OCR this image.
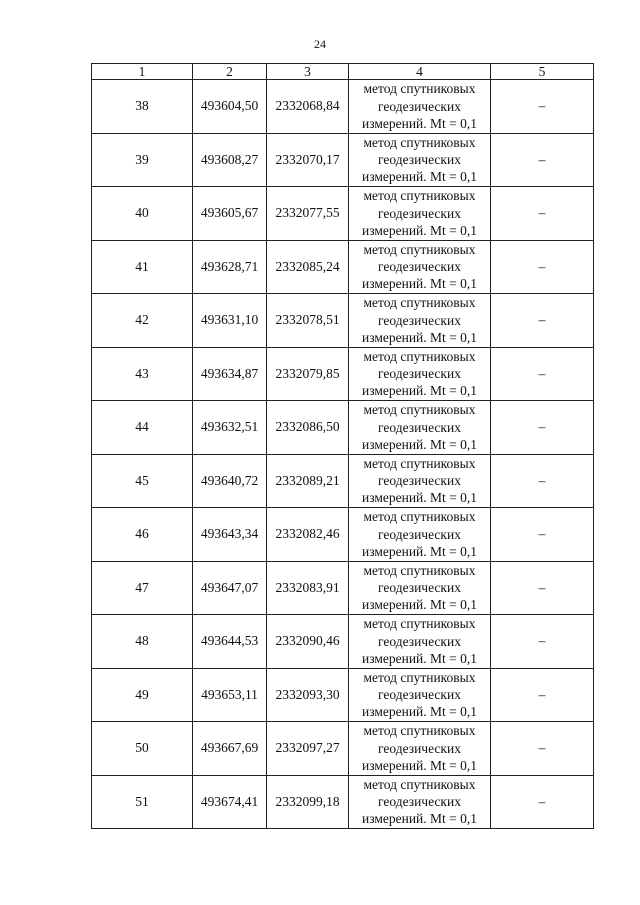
24
1	2	3	4	5
38	493604,50	2332068,84	метод спутниковых
геодезических
измерений. Mt = 0,1	–
39	493608,27	2332070,17	метод спутниковых
геодезических
измерений. Mt = 0,1	–
40	493605,67	2332077,55	метод спутниковых
геодезических
измерений. Mt = 0,1	–
41	493628,71	2332085,24	метод спутниковых
геодезических
измерений. Mt = 0,1	–
42	493631,10	2332078,51	метод спутниковых
геодезических
измерений. Mt = 0,1	–
43	493634,87	2332079,85	метод спутниковых
геодезических
измерений. Mt = 0,1	–
44	493632,51	2332086,50	метод спутниковых
геодезических
измерений. Mt = 0,1	–
45	493640,72	2332089,21	метод спутниковых
геодезических
измерений. Mt = 0,1	–
46	493643,34	2332082,46	метод спутниковых
геодезических
измерений. Mt = 0,1	–
47	493647,07	2332083,91	метод спутниковых
геодезических
измерений. Mt = 0,1	–
48	493644,53	2332090,46	метод спутниковых
геодезических
измерений. Mt = 0,1	–
49	493653,11	2332093,30	метод спутниковых
геодезических
измерений. Mt = 0,1	–
50	493667,69	2332097,27	метод спутниковых
геодезических
измерений. Mt = 0,1	–
51	493674,41	2332099,18	метод спутниковых
геодезических
измерений. Mt = 0,1	–
